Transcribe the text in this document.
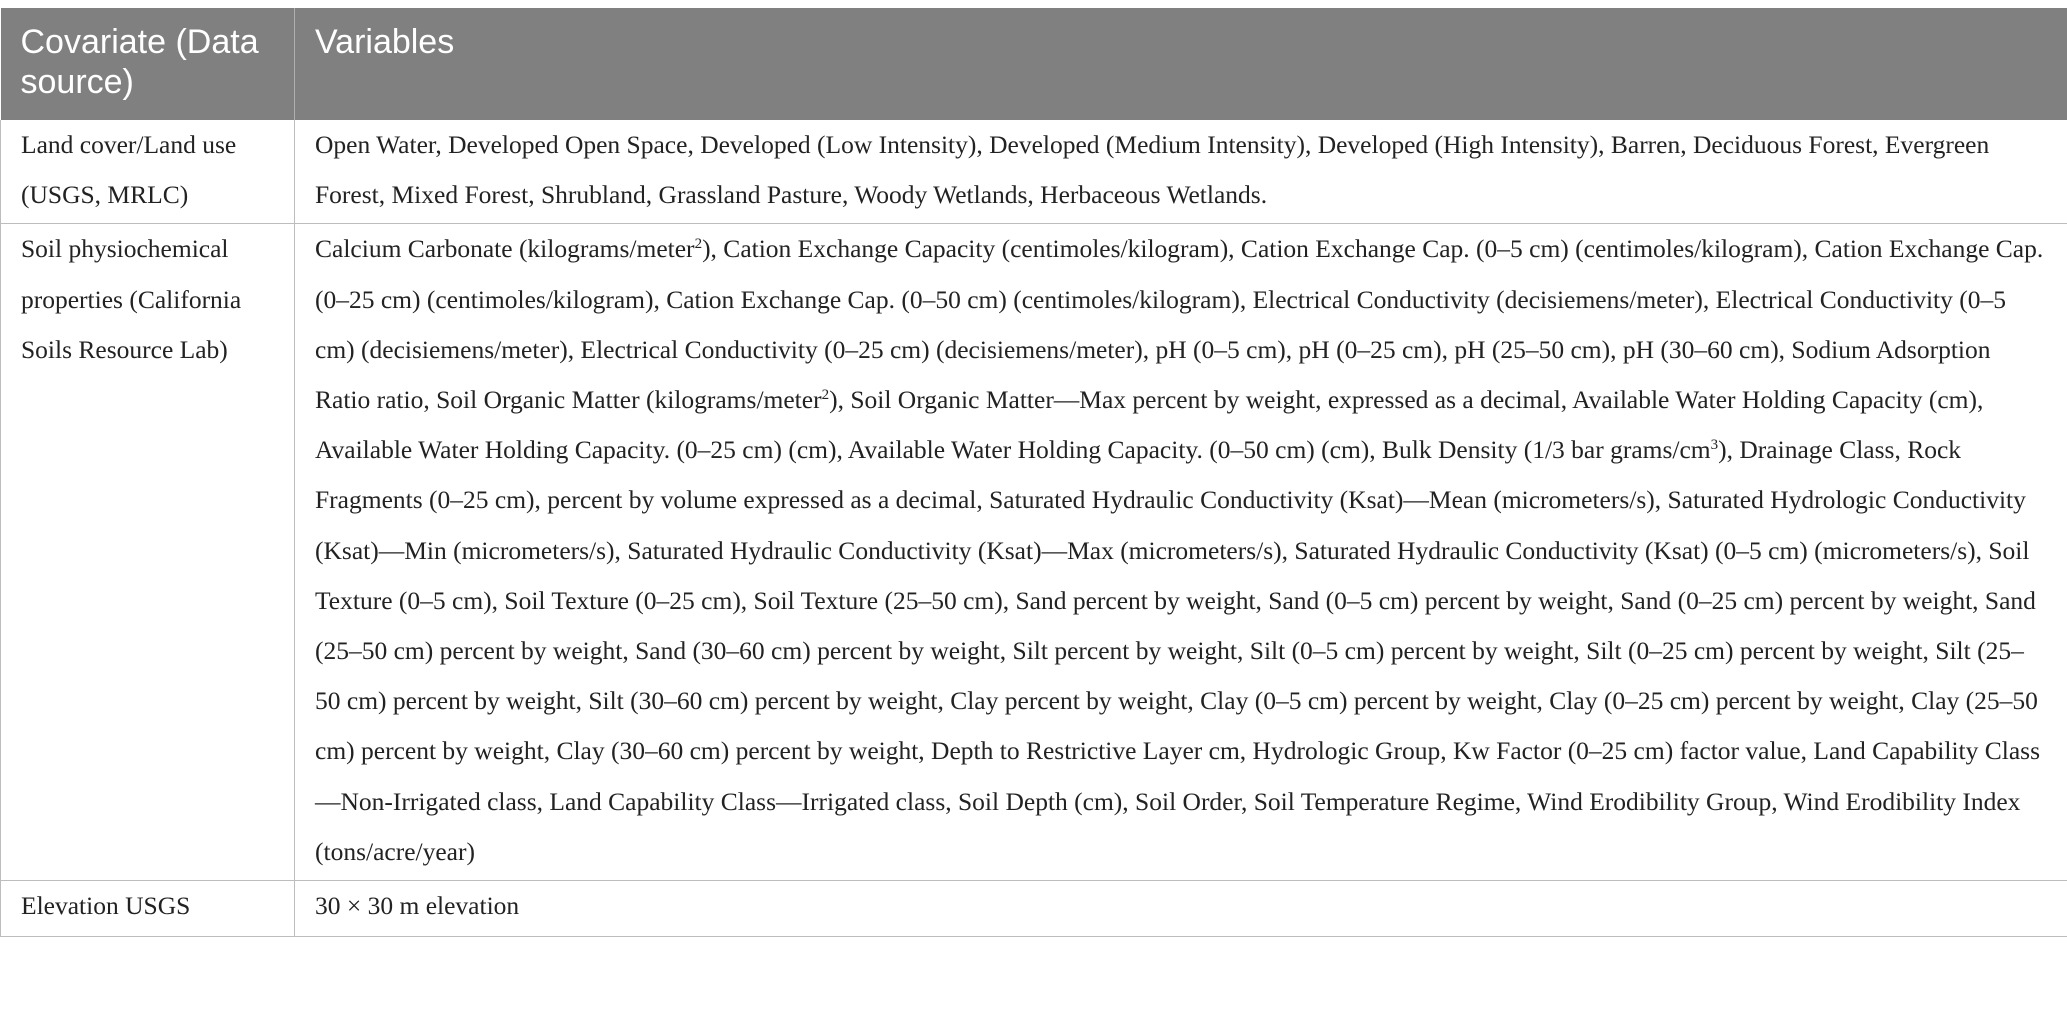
Covariate (Data source)	Variables
Land cover/Land use (USGS, MRLC)	Open Water, Developed Open Space, Developed (Low Intensity), Developed (Medium Intensity), Developed (High Intensity), Barren, Deciduous Forest, Evergreen Forest, Mixed Forest, Shrubland, Grassland Pasture, Woody Wetlands, Herbaceous Wetlands.
Soil physiochemical properties (California Soils Resource Lab)	Calcium Carbonate (kilograms/meter$^2$), Cation Exchange Capacity (centimoles/kilogram), Cation Exchange Cap. (0–5 cm) (centimoles/kilogram), Cation Exchange Cap. (0–25 cm) (centimoles/kilogram), Cation Exchange Cap. (0–50 cm) (centimoles/kilogram), Electrical Conductivity (decisiemens/meter), Electrical Conductivity (0–5 cm) (decisiemens/meter), Electrical Conductivity (0–25 cm) (decisiemens/meter), pH (0–5 cm), pH (0–25 cm), pH (25–50 cm), pH (30–60 cm), Sodium Adsorption Ratio ratio, Soil Organic Matter (kilograms/meter$^2$), Soil Organic Matter—Max percent by weight, expressed as a decimal, Available Water Holding Capacity (cm), Available Water Holding Capacity. (0–25 cm) (cm), Available Water Holding Capacity. (0–50 cm) (cm), Bulk Density (1/3 bar grams/$cm^3$), Drainage Class, Rock Fragments (0–25 cm), percent by volume expressed as a decimal, Saturated Hydraulic Conductivity (Ksat)—Mean (micrometers/s), Saturated Hydrologic Conductivity (Ksat)—Min (micrometers/s), Saturated Hydraulic Conductivity (Ksat)—Max (micrometers/s), Saturated Hydraulic Conductivity (Ksat) (0–5 cm) (micrometers/s), Soil Texture (0–5 cm), Soil Texture (0–25 cm), Soil Texture (25–50 cm), Sand percent by weight, Sand (0–5 cm) percent by weight, Sand (0–25 cm) percent by weight, Sand (25–50 cm) percent by weight, Sand (30–60 cm) percent by weight, Silt percent by weight, Silt (0–5 cm) percent by weight, Silt (0–25 cm) percent by weight, Silt (25–50 cm) percent by weight, Silt (30–60 cm) percent by weight, Clay percent by weight, Clay (0–5 cm) percent by weight, Clay (0–25 cm) percent by weight, Clay (25–50 cm) percent by weight, Clay (30–60 cm) percent by weight, Depth to Restrictive Layer cm, Hydrologic Group, Kw Factor (0–25 cm) factor value, Land Capability Class—Non-Irrigated class, Land Capability Class—Irrigated class, Soil Depth (cm), Soil Order, Soil Temperature Regime, Wind Erodibility Group, Wind Erodibility Index (tons/acre/year)
Elevation USGS	30 × 30 m elevation
